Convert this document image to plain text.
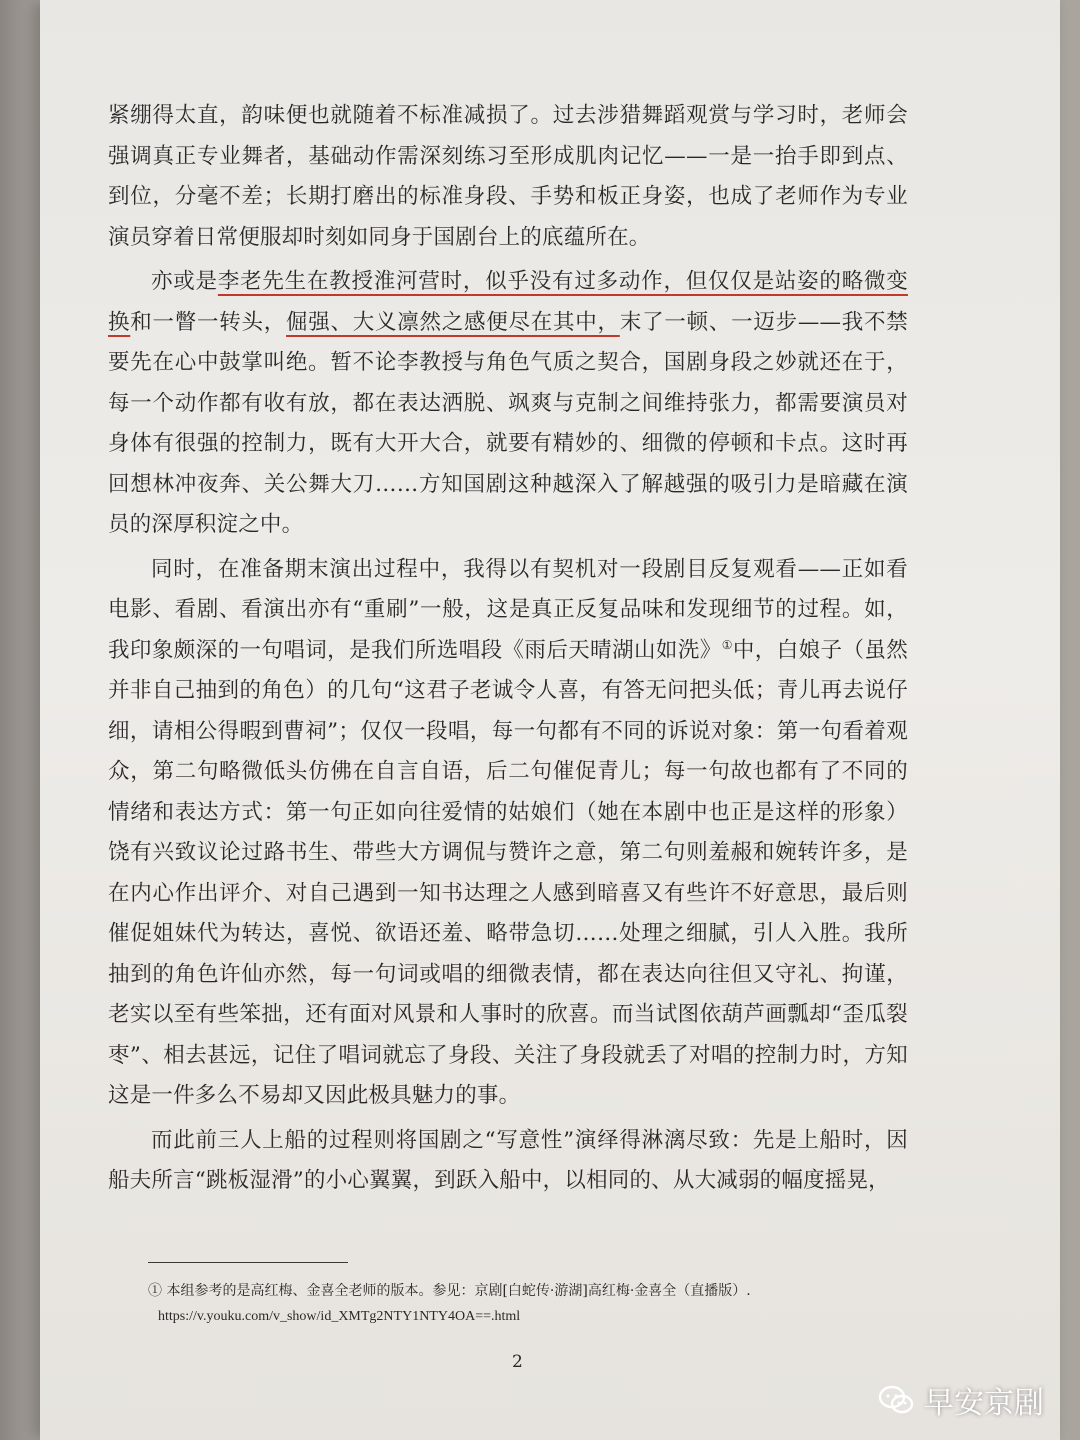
紧绷得太直，韵味便也就随着不标准减损了。过去涉猎舞蹈观赏与学习时，老师会强调真正专业舞者，基础动作需深刻练习至形成肌肉记忆——一是一抬手即到点、到位，分毫不差；长期打磨出的标准身段、手势和板正身姿，也成了老师作为专业演员穿着日常便服却时刻如同身于国剧台上的底蕴所在。

亦或是李老先生在教授淮河营时，似乎没有过多动作，但仅仅是站姿的略微变换和一瞥一转头，倔强、大义凛然之感便尽在其中，末了一顿、一迈步——我不禁要先在心中鼓掌叫绝。暂不论李教授与角色气质之契合，国剧身段之妙就还在于，每一个动作都有收有放，都在表达洒脱、飒爽与克制之间维持张力，都需要演员对身体有很强的控制力，既有大开大合，就要有精妙的、细微的停顿和卡点。这时再回想林冲夜奔、关公舞大刀……方知国剧这种越深入了解越强的吸引力是暗藏在演员的深厚积淀之中。

同时，在准备期末演出过程中，我得以有契机对一段剧目反复观看——正如看电影、看剧、看演出亦有“重刷”一般，这是真正反复品味和发现细节的过程。如，我印象颇深的一句唱词，是我们所选唱段《雨后天晴湖山如洗》①中，白娘子（虽然并非自己抽到的角色）的几句“这君子老诚令人喜，有答无问把头低；青儿再去说仔细，请相公得暇到曹祠”；仅仅一段唱，每一句都有不同的诉说对象：第一句看着观众，第二句略微低头仿佛在自言自语，后二句催促青儿；每一句故也都有了不同的情绪和表达方式：第一句正如向往爱情的姑娘们（她在本剧中也正是这样的形象）饶有兴致议论过路书生、带些大方调侃与赞许之意，第二句则羞赧和婉转许多，是在内心作出评介、对自己遇到一知书达理之人感到暗喜又有些许不好意思，最后则催促姐妹代为转达，喜悦、欲语还羞、略带急切……处理之细腻，引人入胜。我所抽到的角色许仙亦然，每一句词或唱的细微表情，都在表达向往但又守礼、拘谨，老实以至有些笨拙，还有面对风景和人事时的欣喜。而当试图依葫芦画瓢却“歪瓜裂枣”、相去甚远，记住了唱词就忘了身段、关注了身段就丢了对唱的控制力时，方知这是一件多么不易却又因此极具魅力的事。

而此前三人上船的过程则将国剧之“写意性”演绎得淋漓尽致：先是上船时，因船夫所言“跳板湿滑”的小心翼翼，到跃入船中，以相同的、从大减弱的幅度摇晃，

① 本组参考的是高红梅、金喜全老师的版本。参见：京剧[白蛇传·游湖]高红梅·金喜全（直播版）.
https://v.youku.com/v_show/id_XMTg2NTY1NTY4OA==.html
2
早安京剧
